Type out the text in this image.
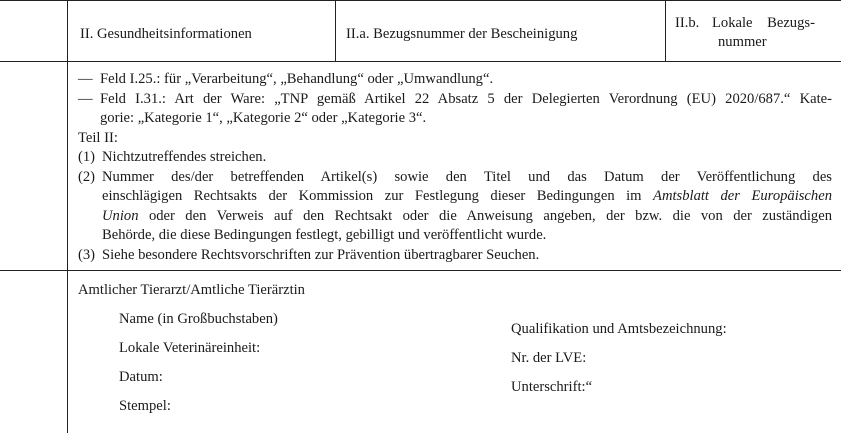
II. Gesundheitsinformationen	II.a. Bezugsnummer der Bescheinigung
II.b. Lokale    Bezugs-
nummer
— Feld I.25.: für „Verarbeitung“, „Behandlung“ oder „Umwandlung“.
— Feld I.31.: Art der Ware: „TNP gemäß Artikel 22 Absatz 5 der Delegierten Verordnung (EU) 2020/687.“ Kate-
gorie: „Kategorie 1“, „Kategorie 2“ oder „Kategorie 3“.

Teil II:

(1) Nichtzutreffendes streichen.
(2) Nummer des/der betreffenden Artikel(s) sowie den Titel und das Datum der Veröffentlichung des
einschlägigen Rechtsakts der Kommission zur Festlegung dieser Bedingungen im Amtsblatt der Europäischen
Union oder den Verweis auf den Rechtsakt oder die Anweisung angeben, der bzw. die von der zuständigen
Behörde, die diese Bedingungen festlegt, gebilligt und veröffentlicht wurde.
(3) Siehe besondere Rechtsvorschriften zur Prävention übertragbarer Seuchen.
Amtlicher Tierarzt/Amtliche Tierärztin
Name (in Großbuchstaben)
Lokale Veterinäreinheit:
Datum:
Stempel:
Qualifikation und Amtsbezeichnung:
Nr. der LVE:
Unterschrift:“
